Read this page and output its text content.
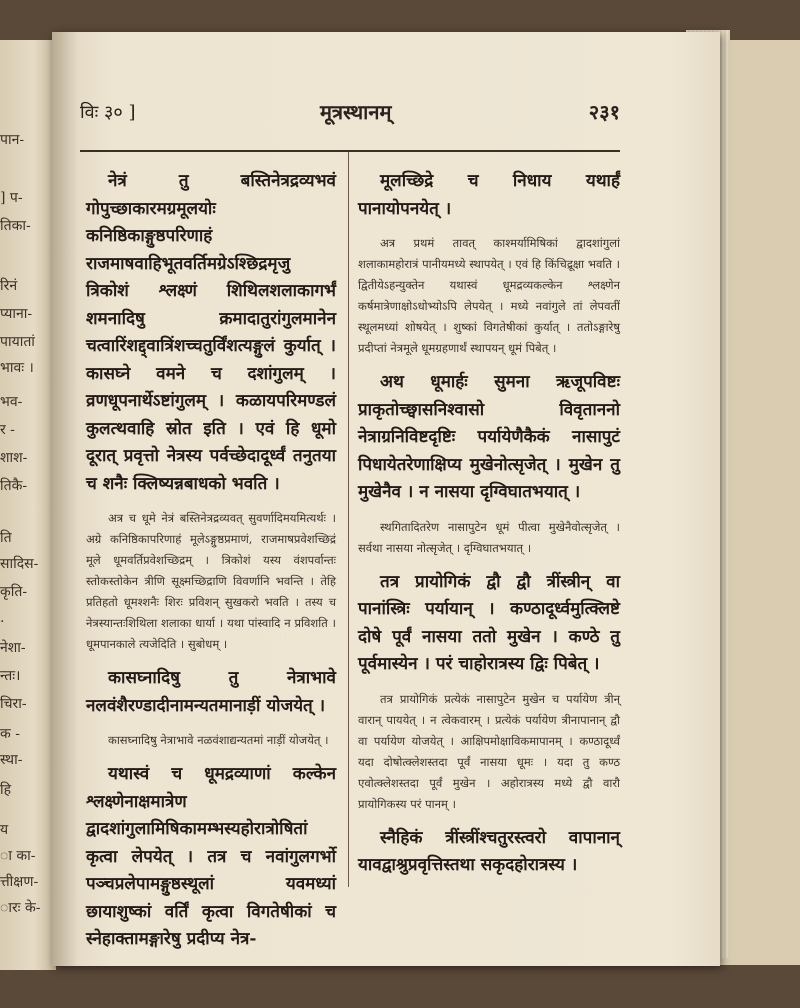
पान-
] प-
तिका-
रिनं
प्याना-
पायातां
भावः ।
भव-
र -
शाश-
तिकै-
ति
सादिस-
कृति-
.
नेशा-
न्तः।
चिरा-
क -
स्था-
हि
य
ा का-
त्तीक्षण-
ारः के-
विः ३० ]	मूत्रस्थानम्	२३१

नेत्रं तु बस्तिनेत्रद्रव्यभवं गोपुच्छाकारमग्रमूलयोः कनिष्ठिकाङ्गुष्ठपरिणाहं राजमाषवाहिभूतवर्तिमग्रेऽश्छिद्रमृजु त्रिकोशं श्लक्ष्णं शिथिलशलाकागर्भं शमनादिषु क्रमादातुरांगुलमानेन चत्वारिंशद्द्वात्रिंशच्चतुर्विंशत्यङ्गुलं कुर्यात् । कासघ्ने वमने च दशांगुलम् । व्रणधूपनार्थेऽष्टांगुलम् । कळायपरिमण्डलं कुलत्थवाहि स्रोत इति । एवं हि धूमो दूरात् प्रवृत्तो नेत्रस्य पर्वच्छेदादूर्ध्वं तनुतया च शनैः क्लिष्यन्नबाधको भवति ।

अत्र च धूमे नेत्रं बस्तिनेत्रद्रव्यवत् सुवर्णादिमयमित्यर्थः । अग्रे कनिष्ठिकापरिणाहं मूलेऽङ्गुष्ठप्रमाणं, राजमाषप्रवेशच्छिद्रं मूले धूमवर्तिप्रवेशच्छिद्रम् । त्रिकोशं यस्य वंशपर्वान्तः स्तोकस्तोकेन त्रीणि सूक्ष्मच्छिद्राणि विवर्णानि भवन्ति । तेहि प्रतिहतो धूमश्शनैः शिरः प्रविशन् सुखकरो भवति । तस्य च नेत्रस्यान्तःशिथिला शलाका धार्या । यथा पांस्वादि न प्रविशति । धूमपानकाले त्यजेदिति । सुबोधम् ।

कासघ्नादिषु तु नेत्राभावे नलवंशैरण्डादीनामन्यतमानाड़ीं योजयेत् ।

कासघ्नादिषु नेत्राभावे नळवंशाद्यन्यतमां नाड़ीं योजयेत् ।

यथास्वं च धूमद्रव्याणां कल्केन श्लक्ष्णेनाक्षमात्रेण द्वादशांगुलामिषिकामम्भस्यहोरात्रोषितां कृत्वा लेपयेत् । तत्र च नवांगुलगर्भो पञ्चप्रलेपामङ्गुष्ठस्थूलां यवमध्यां छायाशुष्कां वर्तिं कृत्वा विगतेषीकां च स्नेहाक्तामङ्गारेषु प्रदीप्य नेत्र-

मूलच्छिद्रे च निधाय यथार्हं पानायोपनयेत् ।

अत्र प्रथमं तावत् काश्मर्यामिषिकां द्वादशांगुलां शलाकामहोरात्रं पानीयमध्ये स्थापयेत् । एवं हि किंचिद्रूक्षा भवति । द्वितीयेऽहन्युक्तेन यथास्वं धूमद्रव्यकल्केन श्लक्ष्णेन कर्षमात्रेणाक्षोऽधोभ्योऽपि लेपयेत् । मध्ये नवांगुले तां लेपवतीं स्थूलमध्यां शोषयेत् । शुष्कां विगतेषीकां कुर्यात् । ततोऽङ्गारेषु प्रदीप्तां नेत्रमूले धूमग्रहणार्थं स्थापयन् धूमं पिबेत् ।

अथ धूमार्हः सुमना ऋजूपविष्टः प्राकृतोच्छ्वासनिश्वासो विवृताननो नेत्राग्रनिविष्टदृष्टिः पर्यायेणैकैकं नासापुटं पिधायेतरेणाक्षिप्य मुखेनोत्सृजेत् । मुखेन तु मुखेनैव । न नासया दृग्विघातभयात् ।

स्थगितादितरेण नासापुटेन धूमं पीत्वा मुखेनैवोत्सृजेत् । सर्वथा नासया नोत्सृजेत् । दृग्विघातभयात् ।

तत्र प्रायोगिकं द्वौ द्वौ त्रींस्त्रीन् वा पानांस्त्रिः पर्यायान् । कण्ठादूर्ध्वमुत्क्लिष्टे दोषे पूर्वं नासया ततो मुखेन । कण्ठे तु पूर्वमास्येन । परं चाहोरात्रस्य द्विः पिबेत् ।

तत्र प्रायोगिकं प्रत्येकं नासापुटेन मुखेन च पर्यायेण त्रीन् वारान् पाययेत् । न त्वेकवारम् । प्रत्येकं पर्यायेण त्रीनापानान् द्वौ वा पर्यायेण योजयेत् । आक्षिपमोक्षाविकमापानम् । कण्ठादूर्ध्वं यदा दोषोत्क्लेशस्तदा पूर्वं नासया धूमः । यदा तु कण्ठ एवोत्क्लेशस्तदा पूर्वं मुखेन । अहोरात्रस्य मध्ये द्वौ वारौ प्रायोगिकस्य परं पानम् ।

स्नैहिकं त्रींस्त्रींश्चतुरस्त्वरो वापानान् यावद्वाश्रुप्रवृत्तिस्तथा सकृदहोरात्रस्य ।
